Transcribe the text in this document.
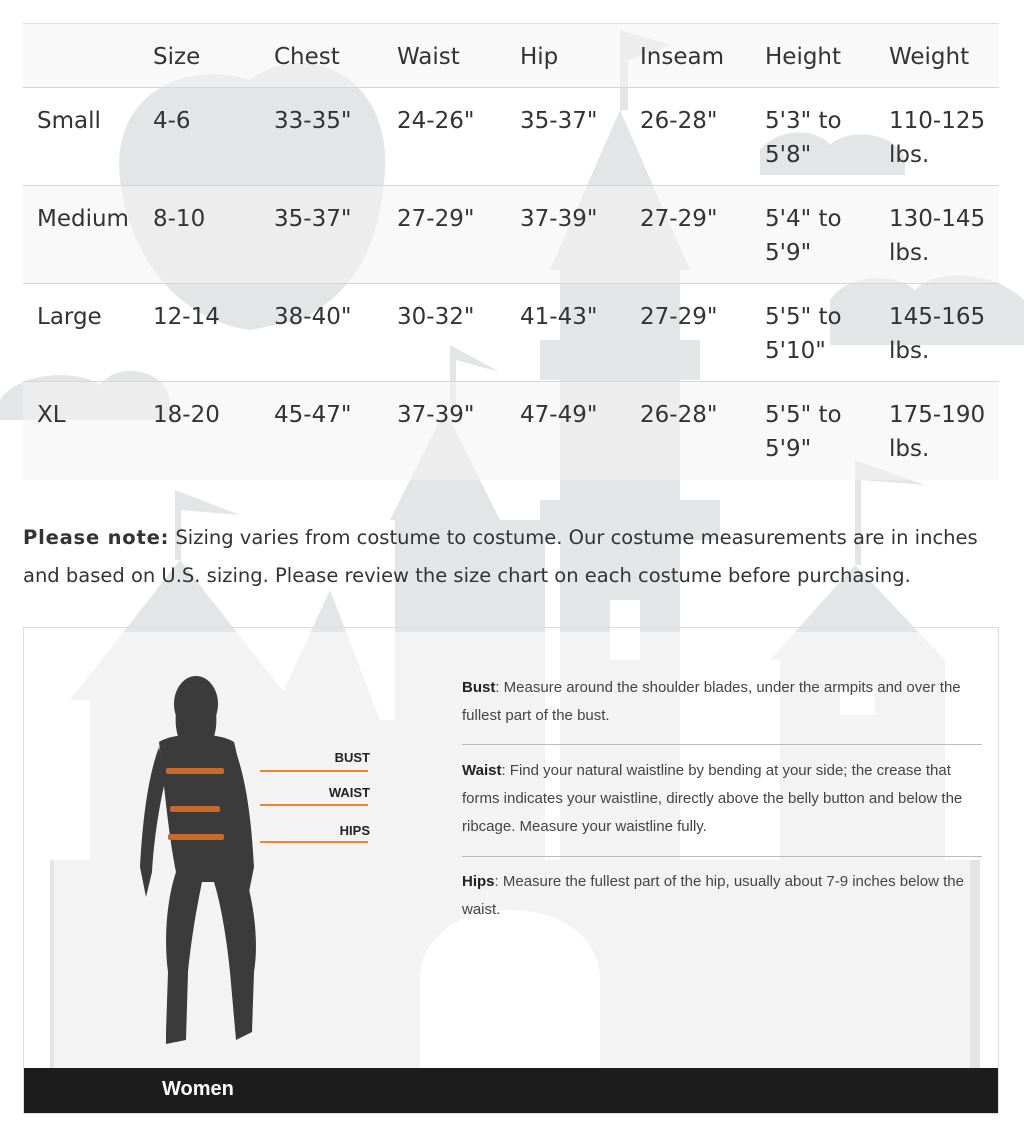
	Size	Chest	Waist	Hip	Inseam	Height	Weight
Small	4-6	33-35"	24-26"	35-37"	26-28"	5'3" to 5'8"	110-125 lbs.
Medium	8-10	35-37"	27-29"	37-39"	27-29"	5'4" to 5'9"	130-145 lbs.
Large	12-14	38-40"	30-32"	41-43"	27-29"	5'5" to 5'10"	145-165 lbs.
XL	18-20	45-47"	37-39"	47-49"	26-28"	5'5" to 5'9"	175-190 lbs.

Please note: Sizing varies from costume to costume. Our costume measurements are in inches and based on U.S. sizing. Please review the size chart on each costume before purchasing.

BUST
WAIST
HIPS
Bust: Measure around the shoulder blades, under the armpits and over the fullest part of the bust.
Waist: Find your natural waistline by bending at your side; the crease that forms indicates your waistline, directly above the belly button and below the ribcage. Measure your waistline fully.
Hips: Measure the fullest part of the hip, usually about 7-9 inches below the waist.
Women
